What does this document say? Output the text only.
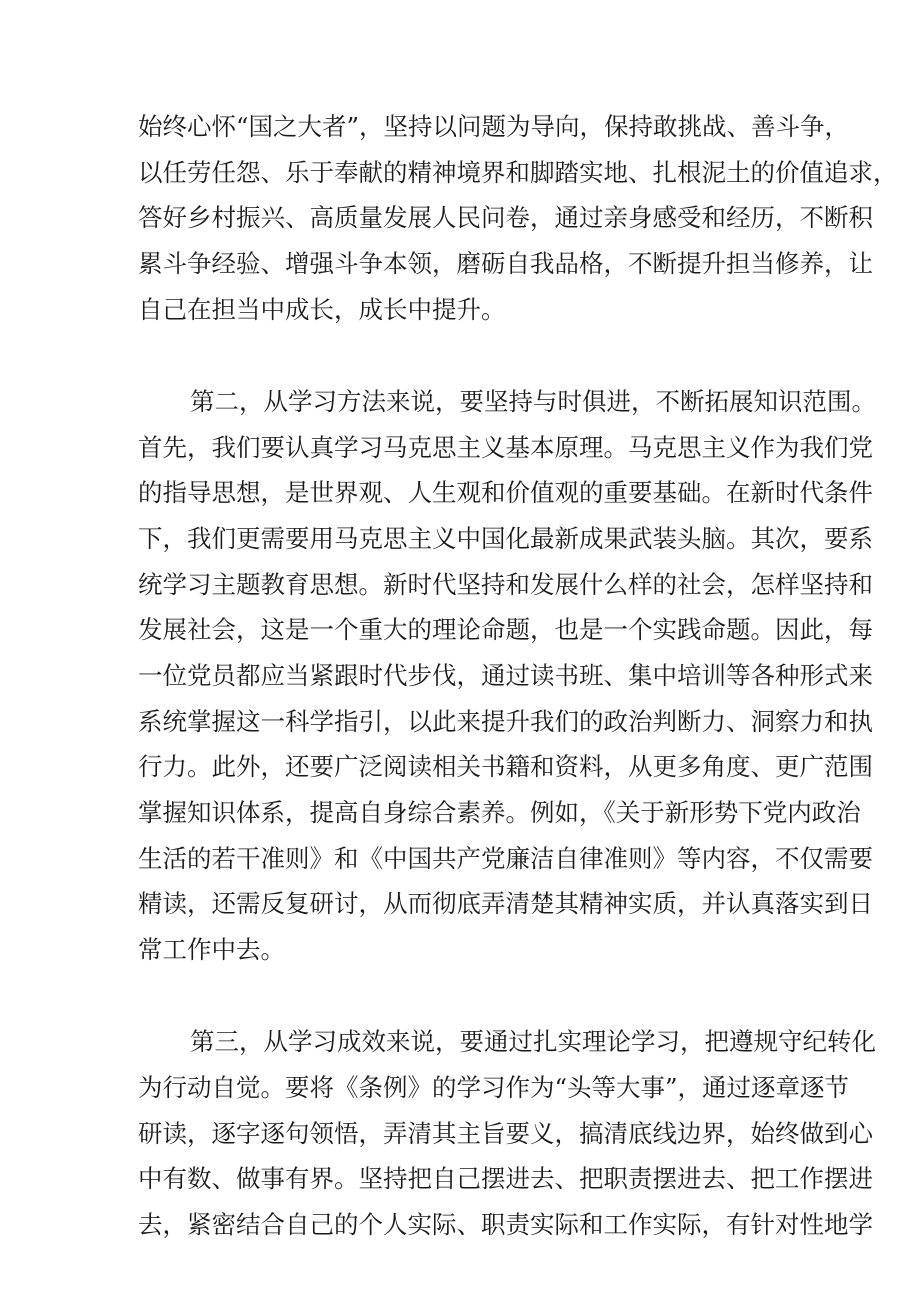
始终心怀“国之大者”，坚持以问题为导向，保持敢挑战、善斗争，
以任劳任怨、乐于奉献的精神境界和脚踏实地、扎根泥土的价值追求，
答好乡村振兴、高质量发展人民问卷，通过亲身感受和经历，不断积
累斗争经验、增强斗争本领，磨砺自我品格，不断提升担当修养，让
自己在担当中成长，成长中提升。
第二，从学习方法来说，要坚持与时俱进，不断拓展知识范围。
首先，我们要认真学习马克思主义基本原理。马克思主义作为我们党
的指导思想，是世界观、人生观和价值观的重要基础。在新时代条件
下，我们更需要用马克思主义中国化最新成果武装头脑。其次，要系
统学习主题教育思想。新时代坚持和发展什么样的社会，怎样坚持和
发展社会，这是一个重大的理论命题，也是一个实践命题。因此，每
一位党员都应当紧跟时代步伐，通过读书班、集中培训等各种形式来
系统掌握这一科学指引，以此来提升我们的政治判断力、洞察力和执
行力。此外，还要广泛阅读相关书籍和资料，从更多角度、更广范围
掌握知识体系，提高自身综合素养。例如，《关于新形势下党内政治
生活的若干准则》和《中国共产党廉洁自律准则》等内容，不仅需要
精读，还需反复研讨，从而彻底弄清楚其精神实质，并认真落实到日
常工作中去。
第三，从学习成效来说，要通过扎实理论学习，把遵规守纪转化
为行动自觉。要将《条例》的学习作为“头等大事”，通过逐章逐节
研读，逐字逐句领悟，弄清其主旨要义，搞清底线边界，始终做到心
中有数、做事有界。坚持把自己摆进去、把职责摆进去、把工作摆进
去，紧密结合自己的个人实际、职责实际和工作实际，有针对性地学
